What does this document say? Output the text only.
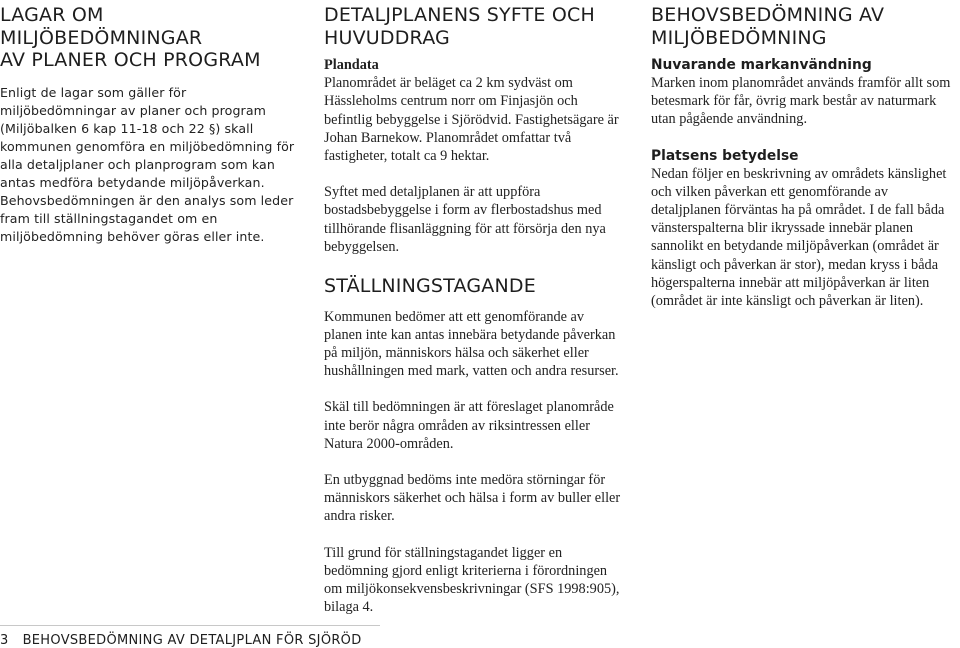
LAGAR OM MILJÖBEDÖMNINGAR
AV PLANER OCH PROGRAM

Enligt de lagar som gäller för miljöbedömningar av planer och program (Miljöbalken 6 kap 11-18 och 22 §) skall kommunen genomföra en miljöbedömning för alla detaljplaner och planprogram som kan antas medföra betydande miljöpåverkan. Behovsbedömningen är den analys som leder fram till ställningstagandet om en miljöbedömning behöver göras eller inte.

DETALJPLANENS SYFTE OCH HUVUDDRAG

Plandata

Planområdet är beläget ca 2 km sydväst om Hässleholms centrum norr om Finjasjön och befintlig bebyggelse i Sjörödvid. Fastighetsägare är Johan Barnekow. Planområdet omfattar två fastigheter, totalt ca 9 hektar.

Syftet med detaljplanen är att uppföra bostadsbebyggelse i form av flerbostadshus med tillhörande flisanläggning för att försörja den nya bebyggelsen.

STÄLLNINGSTAGANDE

Kommunen bedömer att ett genomförande av planen inte kan antas innebära betydande påverkan på miljön, människors hälsa och säkerhet eller hushållningen med mark, vatten och andra resurser.

Skäl till bedömningen är att föreslaget planområde inte berör några områden av riksintressen eller Natura 2000-områden.

En utbyggnad bedöms inte medöra störningar för människors säkerhet och hälsa i form av buller eller andra risker.

Till grund för ställningstagandet ligger en bedömning gjord enligt kriterierna i förordningen om miljökonsekvensbeskrivningar (SFS 1998:905), bilaga 4.

BEHOVSBEDÖMNING AV MILJÖBEDÖMNING

Nuvarande markanvändning

Marken inom planområdet används framför allt som betesmark för får, övrig mark består av naturmark utan pågående användning.

Platsens betydelse

Nedan följer en beskrivning av områdets känslighet och vilken påverkan ett genomförande av detaljplanen förväntas ha på området. I de fall båda vänsterspalterna blir ikryssade innebär planen sannolikt en betydande miljöpåverkan (området är känsligt och påverkan är stor), medan kryss i båda högerspalterna innebär att miljöpåverkan är liten (området är inte känsligt och påverkan är liten).

3 BEHOVSBEDÖMNING AV DETALJPLAN FÖR SJÖRÖD
